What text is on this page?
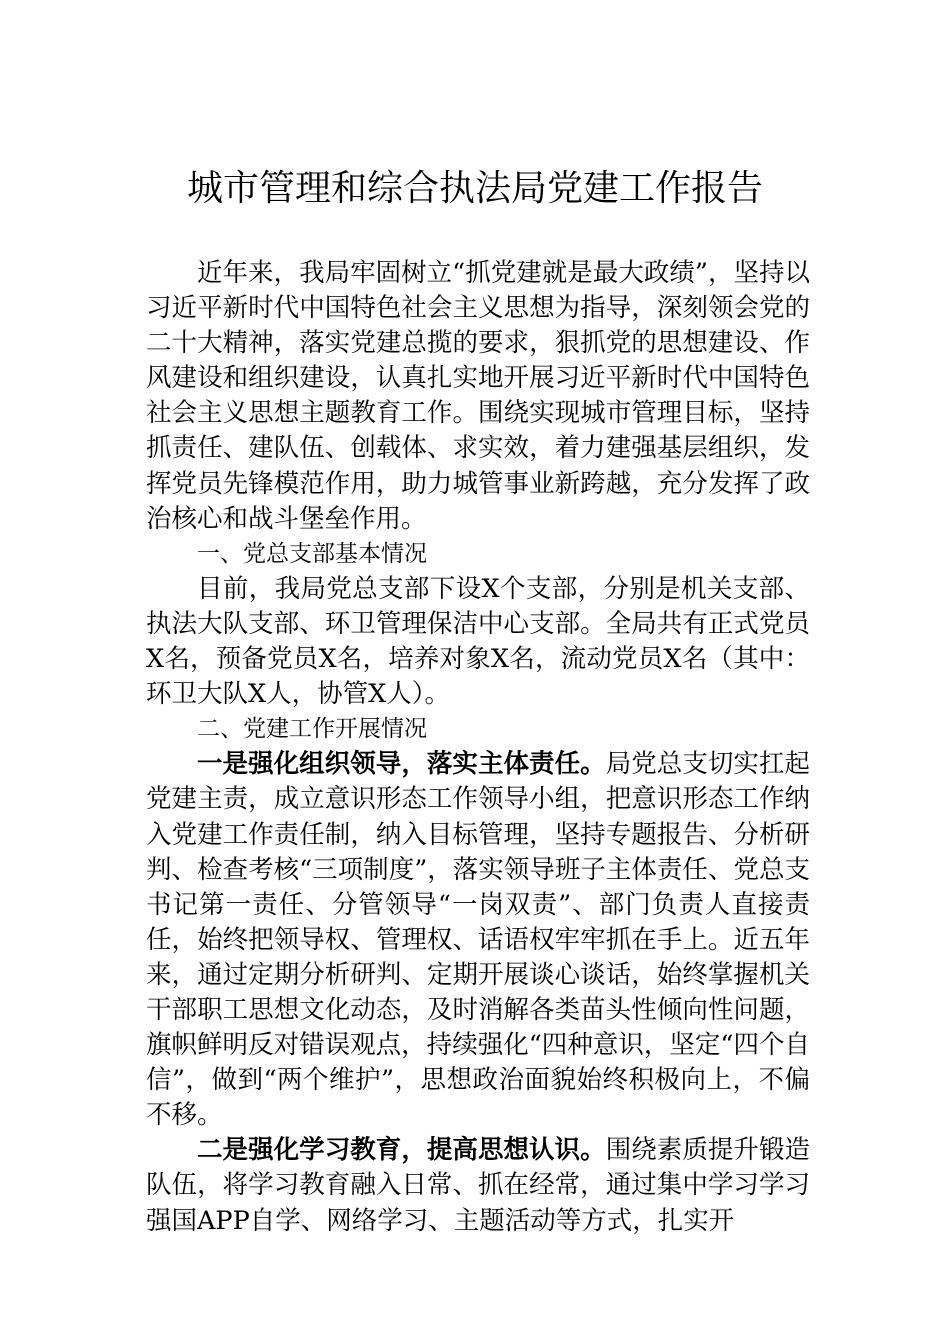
城市管理和综合执法局党建工作报告

近年来，我局牢固树立“抓党建就是最大政绩”，坚持以习近平新时代中国特色社会主义思想为指导，深刻领会党的二十大精神，落实党建总揽的要求，狠抓党的思想建设、作风建设和组织建设，认真扎实地开展习近平新时代中国特色社会主义思想主题教育工作。围绕实现城市管理目标，坚持抓责任、建队伍、创载体、求实效，着力建强基层组织，发挥党员先锋模范作用，助力城管事业新跨越，充分发挥了政治核心和战斗堡垒作用。

一、党总支部基本情况

目前，我局党总支部下设X个支部，分别是机关支部、执法大队支部、环卫管理保洁中心支部。全局共有正式党员X名，预备党员X名，培养对象X名，流动党员X名（其中：环卫大队X人，协管X人）。

二、党建工作开展情况

一是强化组织领导，落实主体责任。局党总支切实扛起党建主责，成立意识形态工作领导小组，把意识形态工作纳入党建工作责任制，纳入目标管理，坚持专题报告、分析研判、检查考核“三项制度”，落实领导班子主体责任、党总支书记第一责任、分管领导“一岗双责”、部门负责人直接责任，始终把领导权、管理权、话语权牢牢抓在手上。近五年来，通过定期分析研判、定期开展谈心谈话，始终掌握机关干部职工思想文化动态，及时消解各类苗头性倾向性问题，旗帜鲜明反对错误观点，持续强化“四种意识，坚定“四个自信”，做到“两个维护”，思想政治面貌始终积极向上，不偏不移。

二是强化学习教育，提高思想认识。围绕素质提升锻造队伍，将学习教育融入日常、抓在经常，通过集中学习学习强国APP自学、网络学习、主题活动等方式，扎实开
